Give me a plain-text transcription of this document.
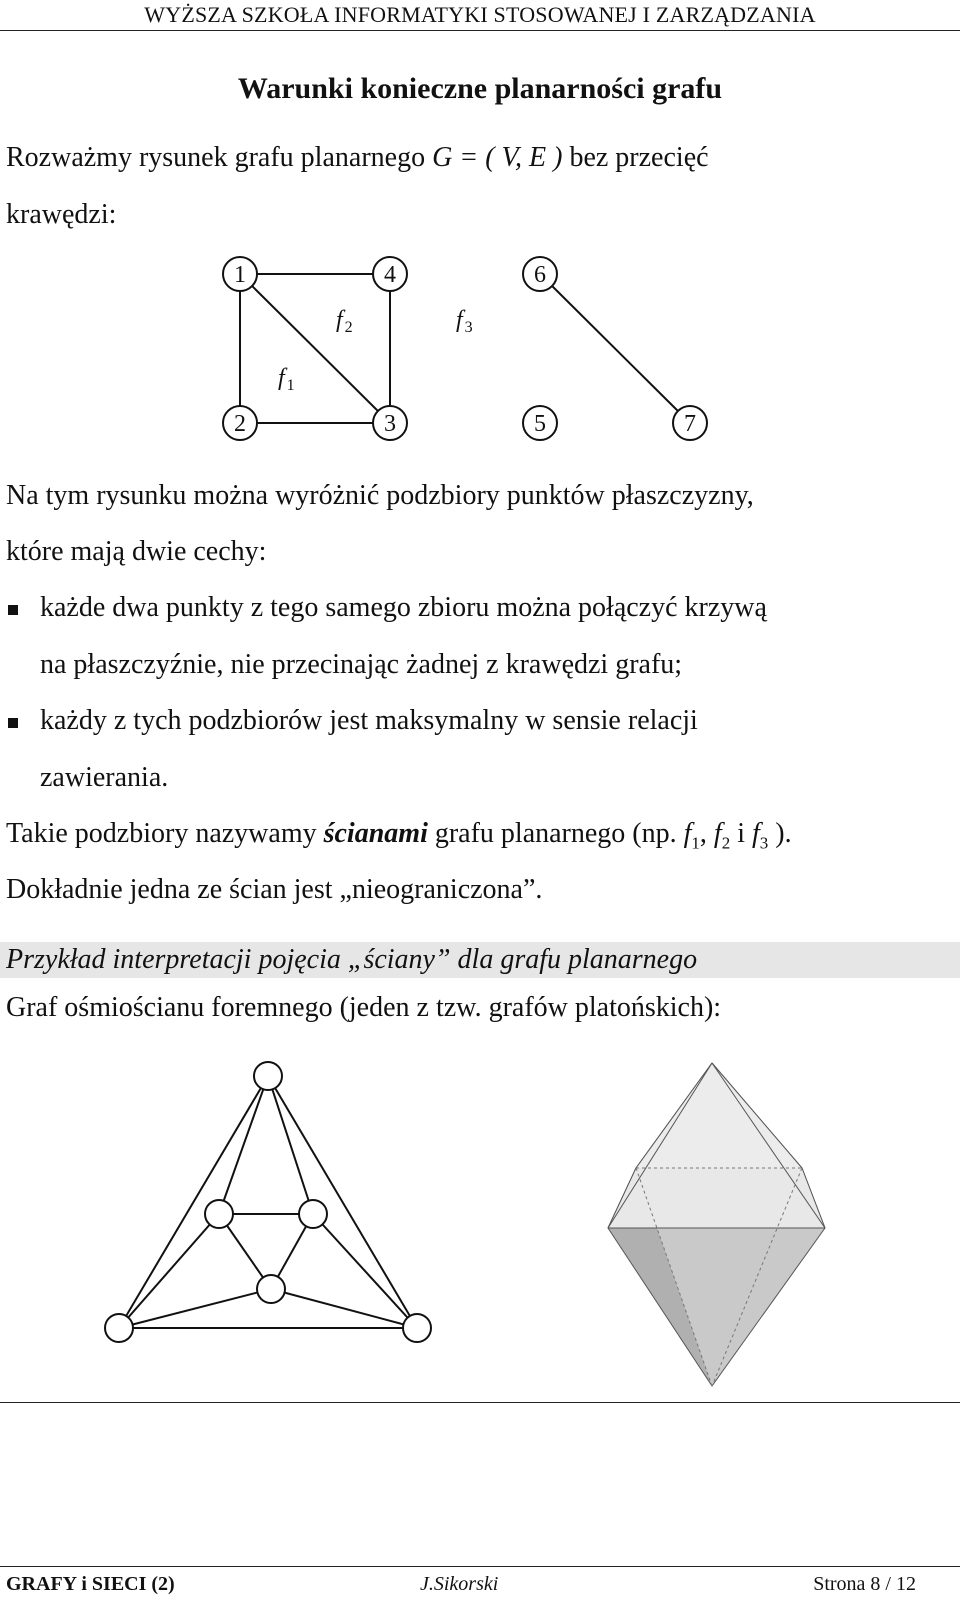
WYŻSZA SZKOŁA INFORMATYKI STOSOWANEJ I ZARZĄDZANIA
Warunki konieczne planarności grafu
Rozważmy rysunek grafu planarnego G = ( V, E ) bez przecięć
krawędzi:
1	4	6
2	3	5	7
f $_1$
f $_2$	f $_3$
Na tym rysunku można wyróżnić podzbiory punktów płaszczyzny,
które mają dwie cechy:
każde dwa punkty z tego samego zbioru można połączyć krzywą
na płaszczyźnie, nie przecinając żadnej z krawędzi grafu;
każdy z tych podzbiorów jest maksymalny w sensie relacji
zawierania.
Takie podzbiory nazywamy ścianami grafu planarnego (np. $f_1$, $f_2$ i $f_3$ ).
Dokładnie jedna ze ścian jest „nieograniczona”.
Przykład interpretacji pojęcia „ściany” dla grafu planarnego
Graf ośmiościanu foremnego (jeden z tzw. grafów platońskich):
GRAFY i SIECI (2)	J.Sikorski	Strona 8 / 12
